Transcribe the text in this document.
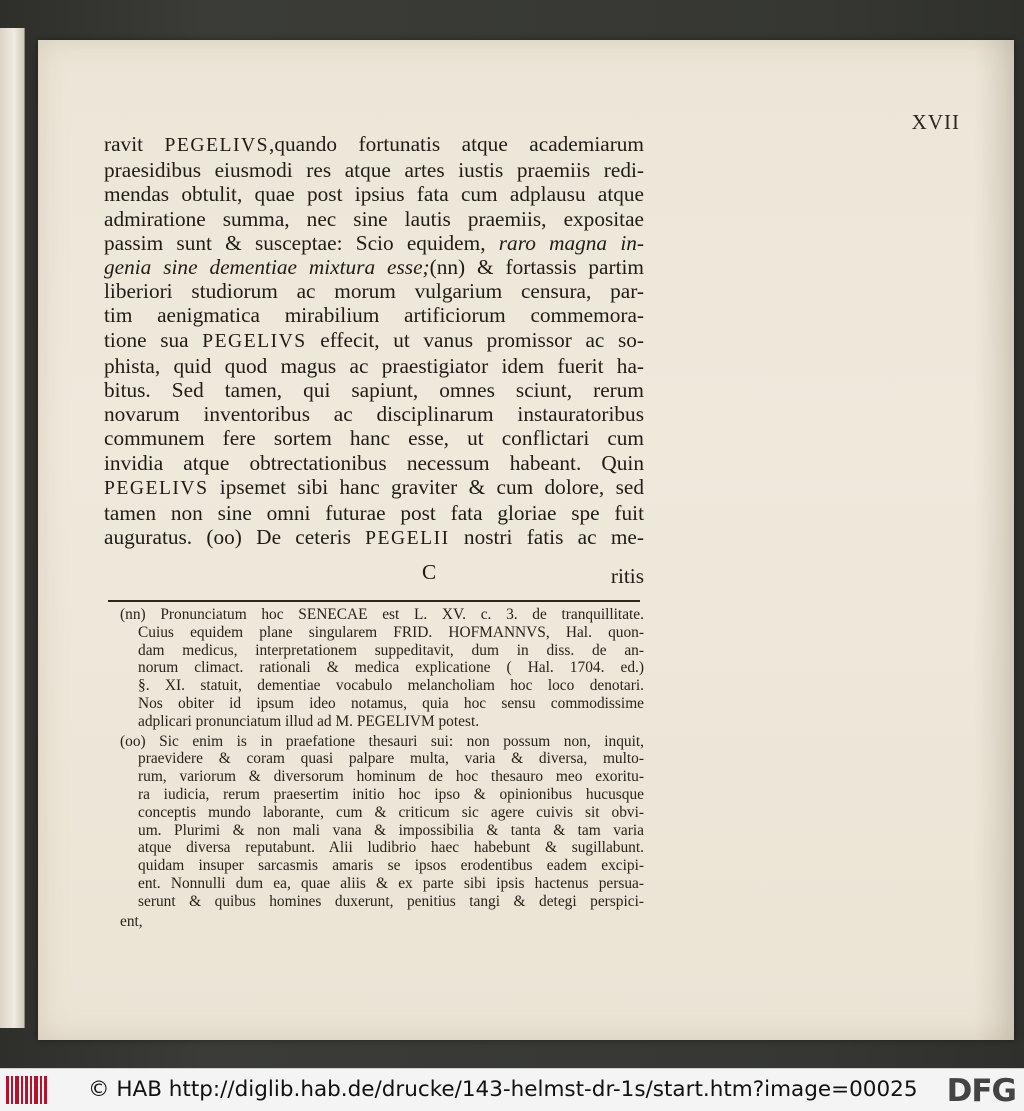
XVII
ravit PEGELIVS,quando fortunatis atque academiarum
praesidibus eiusmodi res atque artes iustis praemiis redi-
mendas obtulit, quae post ipsius fata cum adplausu atque
admiratione summa, nec sine lautis praemiis, expositae
passim sunt & susceptae: Scio equidem, raro magna in-
genia sine dementiae mixtura esse;(nn) & fortassis partim
liberiori studiorum ac morum vulgarium censura, par-
tim aenigmatica mirabilium artificiorum commemora-
tione sua PEGELIVS effecit, ut vanus promissor ac so-
phista, quid quod magus ac praestigiator idem fuerit ha-
bitus. Sed tamen, qui sapiunt, omnes sciunt, rerum
novarum inventoribus ac disciplinarum instauratoribus
communem fere sortem hanc esse, ut conflictari cum
invidia atque obtrectationibus necessum habeant. Quin
PEGELIVS ipsemet sibi hanc graviter & cum dolore, sed
tamen non sine omni futurae post fata gloriae spe fuit
auguratus. (oo) De ceteris PEGELII nostri fatis ac me-
C	ritis
(nn) Pronunciatum hoc SENECAE est L. XV. c. 3. de tranquillitate.
Cuius equidem plane singularem FRID. HOFMANNVS, Hal. quon-
dam medicus, interpretationem suppeditavit, dum in diss. de an-
norum climact. rationali & medica explicatione ( Hal. 1704. ed.)
§. XI. statuit, dementiae vocabulo melancholiam hoc loco denotari.
Nos obiter id ipsum ideo notamus, quia hoc sensu commodissime
adplicari pronunciatum illud ad M. PEGELIVM potest.
(oo) Sic enim is in praefatione thesauri sui: non possum non, inquit,
praevidere & coram quasi palpare multa, varia & diversa, multo-
rum, variorum & diversorum hominum de hoc thesauro meo exoritu-
ra iudicia, rerum praesertim initio hoc ipso & opinionibus hucusque
conceptis mundo laborante, cum & criticum sic agere cuivis sit obvi-
um. Plurimi & non mali vana & impossibilia & tanta & tam varia
atque diversa reputabunt. Alii ludibrio haec habebunt & sugillabunt.
quidam insuper sarcasmis amaris se ipsos erodentibus eadem excipi-
ent. Nonnulli dum ea, quae aliis & ex parte sibi ipsis hactenus persua-
serunt & quibus homines duxerunt, penitius tangi & detegi perspici-
ent,
© HAB http://diglib.hab.de/drucke/143-helmst-dr-1s/start.htm?image=00025 DFG
